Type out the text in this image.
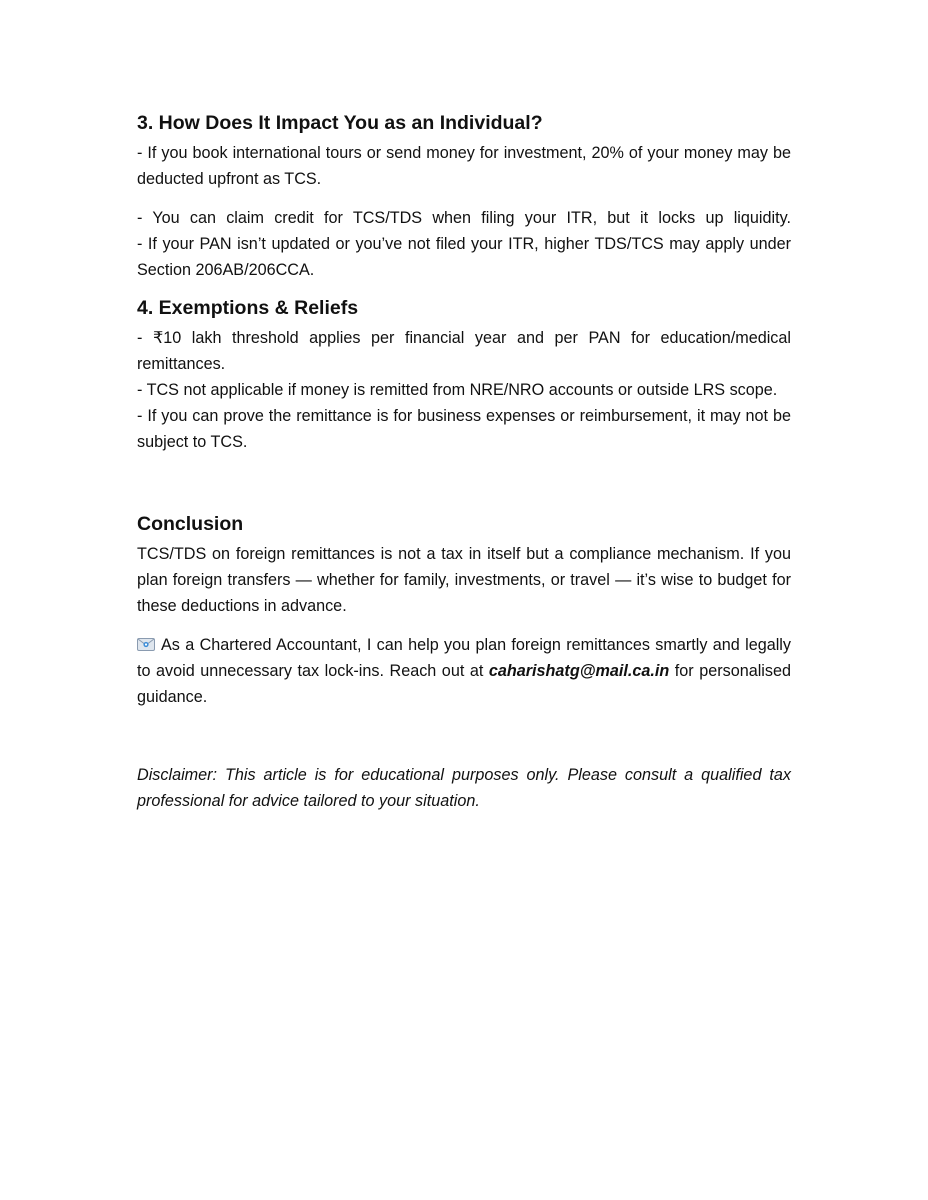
3. How Does It Impact You as an Individual?

- If you book international tours or send money for investment, 20% of your money may be deducted upfront as TCS.

- You can claim credit for TCS/TDS when filing your ITR, but it locks up liquidity.

- If your PAN isn’t updated or you’ve not filed your ITR, higher TDS/TCS may apply under Section 206AB/206CCA.

4. Exemptions & Reliefs

- ₹10 lakh threshold applies per financial year and per PAN for education/medical remittances.

- TCS not applicable if money is remitted from NRE/NRO accounts or outside LRS scope.

- If you can prove the remittance is for business expenses or reimbursement, it may not be subject to TCS.

Conclusion

TCS/TDS on foreign remittances is not a tax in itself but a compliance mechanism. If you plan foreign transfers — whether for family, investments, or travel — it’s wise to budget for these deductions in advance.

As a Chartered Accountant, I can help you plan foreign remittances smartly and legally to avoid unnecessary tax lock-ins. Reach out at caharishatg@mail.ca.in for personalised guidance.

Disclaimer: This article is for educational purposes only. Please consult a qualified tax professional for advice tailored to your situation.
